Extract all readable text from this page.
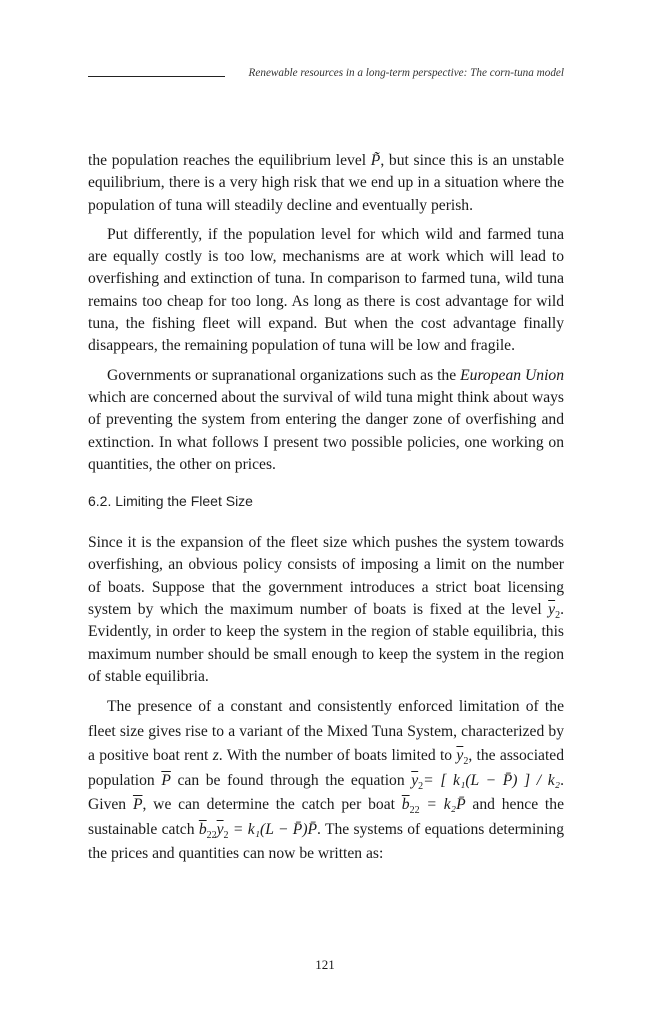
Renewable resources in a long-term perspective: The corn-tuna model

the population reaches the equilibrium level P̃, but since this is an unstable equilibrium, there is a very high risk that we end up in a situation where the population of tuna will steadily decline and eventually perish.

Put differently, if the population level for which wild and farmed tuna are equally costly is too low, mechanisms are at work which will lead to overfishing and extinction of tuna. In comparison to farmed tuna, wild tuna remains too cheap for too long. As long as there is cost advantage for wild tuna, the fishing fleet will expand. But when the cost advantage finally disappears, the remaining population of tuna will be low and fragile.

Governments or supranational organizations such as the European Union which are concerned about the survival of wild tuna might think about ways of preventing the system from entering the danger zone of overfishing and extinction. In what follows I present two possible policies, one working on quantities, the other on prices.

6.2. Limiting the Fleet Size

Since it is the expansion of the fleet size which pushes the system towards overfishing, an obvious policy consists of imposing a limit on the number of boats. Suppose that the government introduces a strict boat licensing system by which the maximum number of boats is fixed at the level $\overline{y}_2$. Evidently, in order to keep the system in the region of stable equilibria, this maximum number should be small enough to keep the system in the region of stable equilibria.

The presence of a constant and consistently enforced limitation of the fleet size gives rise to a variant of the Mixed Tuna System, characterized by a positive boat rent z. With the number of boats limited to $\overline{y}_2$, the associated population $\overline{P}$ can be found through the equation $\overline{y}_2=$ [ k₁(L − P̄) ] / k₂. Given $\overline{P}$, we can determine the catch per boat $\overline{b}_{22}$ = k₂P̄ and hence the sustainable catch $\overline{b}_{22}\overline{y}_2 = k_1(L$ − P̄)P̄. The systems of equations determining the prices and quantities can now be written as:

121
